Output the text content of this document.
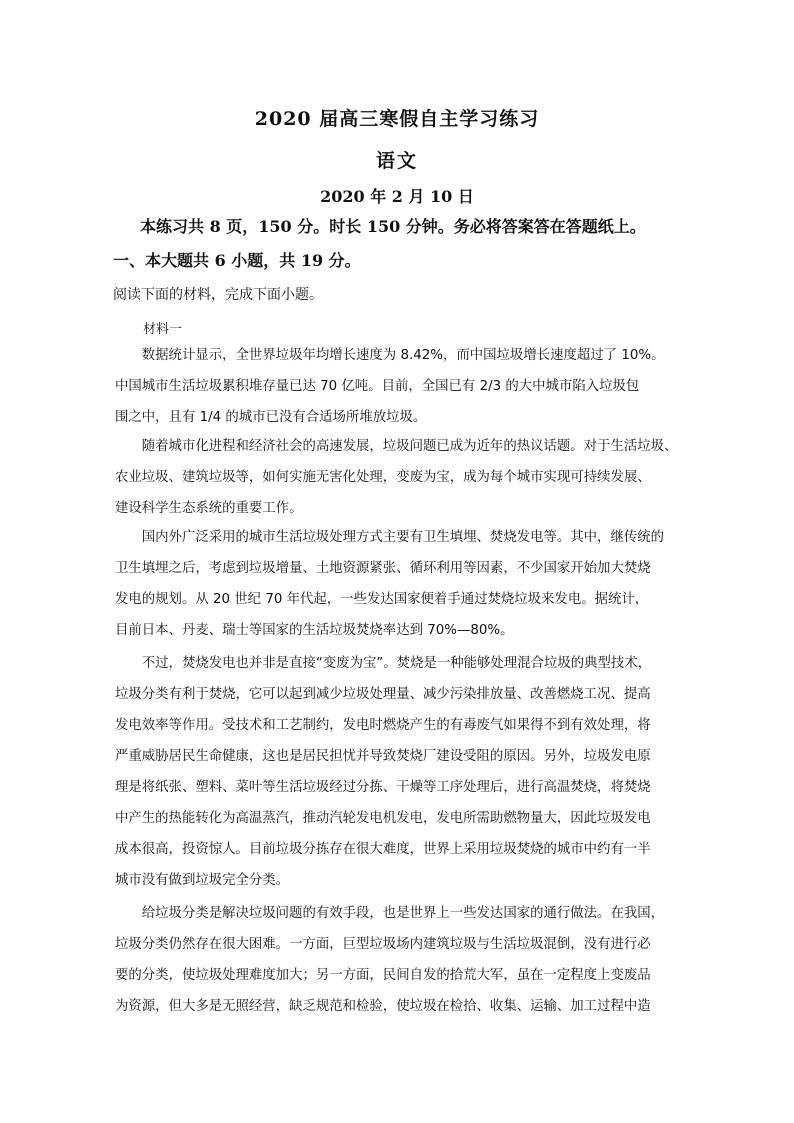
2020 届高三寒假自主学习练习
语文
2020 年 2 月 10 日
本练习共 8 页，150 分。时长 150 分钟。务必将答案答在答题纸上。
一、本大题共 6 小题，共 19 分。
阅读下面的材料，完成下面小题。
材料一
　　数据统计显示，全世界垃圾年均增长速度为 8.42%，而中国垃圾增长速度超过了 10%。
中国城市生活垃圾累积堆存量已达 70 亿吨。目前，全国已有 2/3 的大中城市陷入垃圾包
围之中，且有 1/4 的城市已没有合适场所堆放垃圾。
　　随着城市化进程和经济社会的高速发展，垃圾问题已成为近年的热议话题。对于生活垃圾、
农业垃圾、建筑垃圾等，如何实施无害化处理，变废为宝，成为每个城市实现可持续发展、
建设科学生态系统的重要工作。
　　国内外广泛采用的城市生活垃圾处理方式主要有卫生填埋、焚烧发电等。其中，继传统的
卫生填埋之后，考虑到垃圾增量、土地资源紧张、循环利用等因素，不少国家开始加大焚烧
发电的规划。从 20 世纪 70 年代起，一些发达国家便着手通过焚烧垃圾来发电。据统计，
目前日本、丹麦、瑞士等国家的生活垃圾焚烧率达到 70%—80%。
　　不过，焚烧发电也并非是直接“变废为宝”。焚烧是一种能够处理混合垃圾的典型技术，
垃圾分类有利于焚烧，它可以起到减少垃圾处理量、减少污染排放量、改善燃烧工况、提高
发电效率等作用。受技术和工艺制约，发电时燃烧产生的有毒废气如果得不到有效处理，将
严重威胁居民生命健康，这也是居民担忧并导致焚烧厂建设受阻的原因。另外，垃圾发电原
理是将纸张、塑料、菜叶等生活垃圾经过分拣、干燥等工序处理后，进行高温焚烧，将焚烧
中产生的热能转化为高温蒸汽，推动汽轮发电机发电，发电所需助燃物量大，因此垃圾发电
成本很高，投资惊人。目前垃圾分拣存在很大难度，世界上采用垃圾焚烧的城市中约有一半
城市没有做到垃圾完全分类。
　　给垃圾分类是解决垃圾问题的有效手段，也是世界上一些发达国家的通行做法。在我国，
垃圾分类仍然存在很大困难。一方面，巨型垃圾场内建筑垃圾与生活垃圾混倒，没有进行必
要的分类，使垃圾处理难度加大；另一方面，民间自发的拾荒大军，虽在一定程度上变废品
为资源，但大多是无照经营，缺乏规范和检验，使垃圾在检拾、收集、运输、加工过程中造
